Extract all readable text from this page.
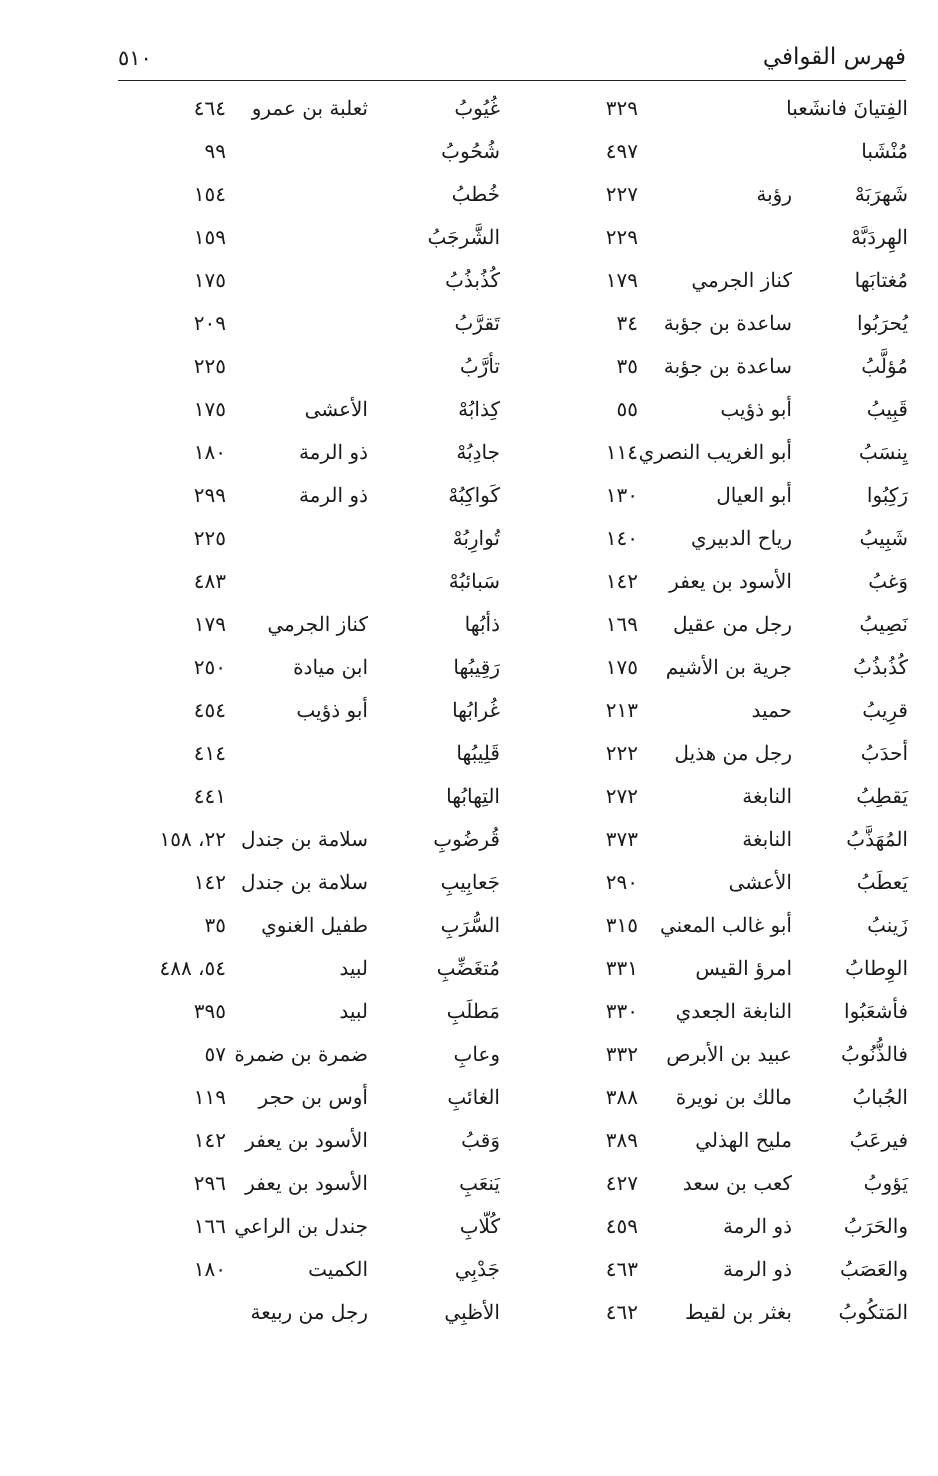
فهرس القوافي
٥١٠
الفِتيانَ فانشَعبا
٣٢٩
غُيُوبُ
ثعلبة بن عمرو
٤٦٤
مُنْشَبا
٤٩٧
شُحُوبُ
٩٩
شَهرَبَهْ
رؤبة
٢٢٧
خُطبُ
١٥٤
الهِردَبَّهْ
٢٢٩
الشَّرجَبُ
١٥٩
مُغتابَها
كناز الجرمي
١٧٩
كُذُبذُبُ
١٧٥
يُحرَبُوا
ساعدة بن جؤبة
٣٤
تَقرَّبُ
٢٠٩
مُؤلَّبُ
ساعدة بن جؤبة
٣٥
تأرَّبُ
٢٢٥
قَبِيبُ
أبو ذؤيب
٥٥
كِذابُهْ
الأعشى
١٧٥
يِنسَبُ
أبو الغريب النصري
١١٤
جادِبُهْ
ذو الرمة
١٨٠
رَكِبُوا
أبو العيال
١٣٠
كَواكِبُهْ
ذو الرمة
٢٩٩
شَبِيبُ
رياح الدبيري
١٤٠
تُوارِبُهْ
٢٢٥
وَغبُ
الأسود بن يعفر
١٤٢
سَبائبُهْ
٤٨٣
نَصِيبُ
رجل من عقيل
١٦٩
ذأبُها
كناز الجرمي
١٧٩
كُذُبذُبُ
جرية بن الأشيم
١٧٥
رَقِيبُها
ابن ميادة
٢٥٠
قرِيبُ
حميد
٢١٣
غُرابُها
أبو ذؤيب
٤٥٤
أحدَبُ
رجل من هذيل
٢٢٢
قَلِيبُها
٤١٤
يَقطِبُ
النابغة
٢٧٢
التِهابُها
٤٤١
المُهَذَّبُ
النابغة
٣٧٣
قُرضُوبِ
سلامة بن جندل
٢٢، ١٥٨
يَعطَبُ
الأعشى
٢٩٠
جَعابِيبِ
سلامة بن جندل
١٤٢
زَينبُ
أبو غالب المعني
٣١٥
السُّرَبِ
طفيل الغنوي
٣٥
الوِطابُ
امرؤ القيس
٣٣١
مُتغَضِّبِ
لبيد
٥٤، ٤٨٨
فأشعَبُوا
النابغة الجعدي
٣٣٠
مَطلَبِ
لبيد
٣٩٥
فالذُّنُوبُ
عبيد بن الأبرص
٣٣٢
وعابِ
ضمرة بن ضمرة
٥٧
الجُبابُ
مالك بن نويرة
٣٨٨
الغائبِ
أوس بن حجر
١١٩
فيرعَبُ
مليح الهذلي
٣٨٩
وَقبُ
الأسود بن يعفر
١٤٢
يَؤوبُ
كعب بن سعد
٤٢٧
يَنعَبِ
الأسود بن يعفر
٢٩٦
والحَرَبُ
ذو الرمة
٤٥٩
كُلّابِ
جندل بن الراعي
١٦٦
والعَصَبُ
ذو الرمة
٤٦٣
جَدْبِي
الكميت
١٨٠
المَتكُوبُ
بغثر بن لقيط
٤٦٢
الأظبِي
رجل من ربيعة
